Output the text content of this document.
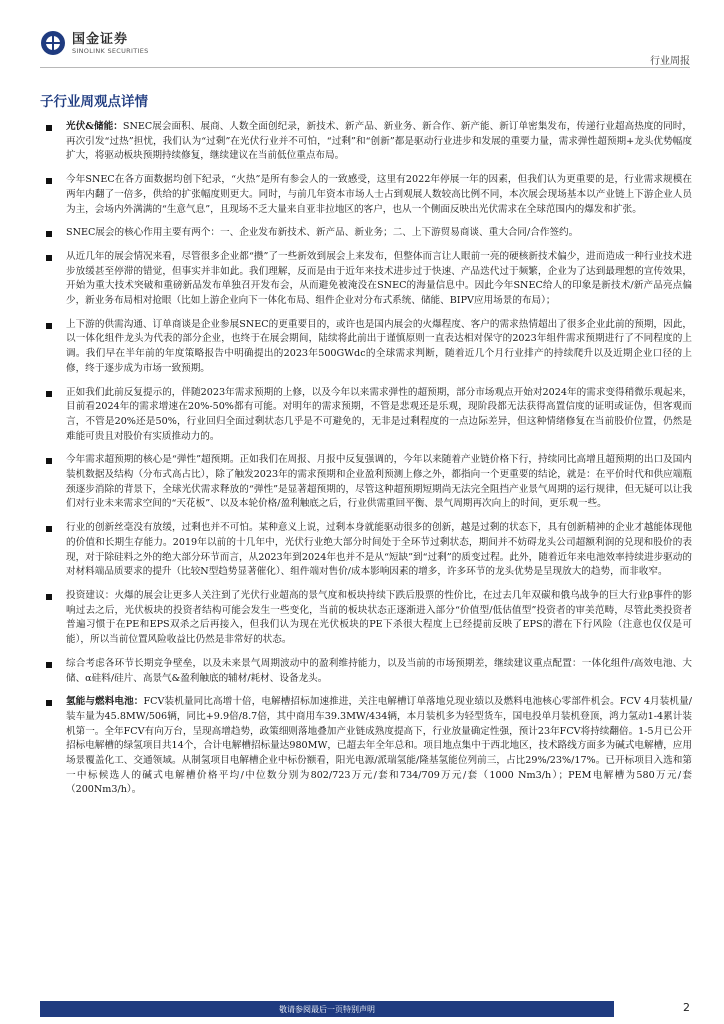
国金证券
SINOLINK SECURITIES
行业周报
子行业周观点详情

光伏&储能：SNEC展会面积、展商、人数全面创纪录，新技术、新产品、新业务、新合作、新产能、新订单密集发布，传递行业超高热度的同时，再次引发“过热”担忧，我们认为“过剩”在光伏行业并不可怕，“过剩”和“创新”都是驱动行业进步和发展的重要力量，需求弹性超预期+龙头优势幅度扩大，将驱动板块预期持续修复，继续建议在当前低位重点布局。

今年SNEC在各方面数据均创下纪录，“火热”是所有参会人的一致感受，这里有2022年停展一年的因素，但我们认为更重要的是，行业需求规模在两年内翻了一倍多，供给的扩张幅度则更大。同时，与前几年资本市场人士占到观展人数较高比例不同，本次展会现场基本以产业链上下游企业人员为主，会场内外满满的“生意气息”，且现场不乏大量来自亚非拉地区的客户，也从一个侧面反映出光伏需求在全球范围内的爆发和扩张。

SNEC展会的核心作用主要有两个：一、企业发布新技术、新产品、新业务；二、上下游贸易商谈、重大合同/合作签约。

从近几年的展会情况来看，尽管很多企业都“攒”了一些新效到展会上来发布，但整体而言让人眼前一亮的硬核新技术偏少，进而造成一种行业技术进步放缓甚至停滞的错觉，但事实并非如此。我们理解，反而是由于近年来技术进步过于快速、产品迭代过于频繁，企业为了达到最理想的宣传效果，开始为重大技术突破和重磅新品发布单独召开发布会，从而避免被淹没在SNEC的海量信息中。因此今年SNEC给人的印象是新技术/新产品亮点偏少，新业务布局相对抢眼（比如上游企业向下一体化布局、组件企业对分布式系统、储能、BIPV应用场景的布局）；

上下游的供需沟通、订单商谈是企业参展SNEC的更重要目的，或许也是国内展会的火爆程度、客户的需求热情超出了很多企业此前的预期，因此，以一体化组件龙头为代表的部分企业，也终于在展会期间，陆续将此前出于谨慎原则一直表达相对保守的2023年组件需求预期进行了不同程度的上调。我们早在半年前的年度策略报告中明确提出的2023年500GWdc的全球需求判断，随着近几个月行业排产的持续爬升以及近期企业口径的上修，终于逐步成为市场一致预期。

正如我们此前反复提示的，伴随2023年需求预期的上修，以及今年以来需求弹性的超预期，部分市场观点开始对2024年的需求变得稍微乐观起来，目前看2024年的需求增速在20%-50%都有可能。对明年的需求预期，不管是悲观还是乐观，现阶段都无法获得高置信度的证明或证伪，但客观而言，不管是20%还是50%，行业回归全面过剩状态几乎是不可避免的，无非是过剩程度的一点边际差异，但这种情绪修复在当前股价位置，仍然是难能可贵且对股价有实质推动力的。

今年需求超预期的核心是“弹性”超预期。正如我们在周报、月报中反复强调的，今年以来随着产业链价格下行，持续同比高增且超预期的出口及国内装机数据及结构（分布式高占比），除了触发2023年的需求预期和企业盈利预测上修之外，都指向一个更重要的结论，就是：在平价时代和供应端瓶颈逐步消除的背景下，全球光伏需求释放的“弹性”是显著超预期的，尽管这种超预期短期尚无法完全阻挡产业景气周期的运行规律，但无疑可以让我们对行业未来需求空间的“天花板”、以及本轮价格/盈利触底之后，行业供需重回平衡、景气周期再次向上的时间，更乐观一些。

行业的创新丝毫没有放缓，过剩也并不可怕。某种意义上说，过剩本身就能驱动很多的创新，越是过剩的状态下，具有创新精神的企业才越能体现他的价值和长期生存能力。2019年以前的十几年中，光伏行业绝大部分时间处于全环节过剩状态，期间并不妨碍龙头公司超额利润的兑现和股价的表现，对于除硅料之外的绝大部分环节而言，从2023年到2024年也并不是从“短缺”到“过剩”的质变过程。此外，随着近年来电池效率持续进步驱动的对材料端品质要求的提升（比较N型趋势显著催化）、组件端对售价/成本影响因素的增多，许多环节的龙头优势是呈现放大的趋势，而非收窄。

投资建议：火爆的展会让更多人关注到了光伏行业超高的景气度和板块持续下跌后股票的性价比，在过去几年双碳和俄乌战争的巨大行业β事件的影响过去之后，光伏板块的投资者结构可能会发生一些变化，当前的板块状态正逐渐进入部分“价值型/低估值型”投资者的审美范畴，尽管此类投资者普遍习惯于在PE和EPS双杀之后再接入，但我们认为现在光伏板块的PE下杀很大程度上已经提前反映了EPS的潜在下行风险（注意也仅仅是可能），所以当前位置风险收益比仍然是非常好的状态。

综合考虑各环节长期竞争壁垒，以及未来景气周期波动中的盈利维持能力，以及当前的市场预期差，继续建议重点配置：一体化组件/高效电池、大储、α硅料/硅片、高景气&盈利触底的辅材/耗材、设备龙头。

氢能与燃料电池：FCV装机量同比高增十倍，电解槽招标加速推进，关注电解槽订单落地兑现业绩以及燃料电池核心零部件机会。FCV 4月装机量/装车量为45.8MW/506辆，同比+9.9倍/8.7倍，其中商用车39.3MW/434辆，本月装机多为轻型货车，国电投单月装机登顶，鸿力氢动1-4累计装机第一。全年FCV有向万台，呈现高增趋势，政策细则落地叠加产业链成熟度提高下，行业放量确定性强，预计23年FCV将持续翻倍。1-5月已公开招标电解槽的绿氢项目共14个，合计电解槽招标量达980MW，已超去年全年总和。项目地点集中于西北地区，技术路线方面多为碱式电解槽，应用场景覆盖化工、交通领域。从制氢项目电解槽企业中标份额看，阳光电源/派瑞氢能/隆基氢能位列前三，占比29%/23%/17%。已开标项目入选和第一中标候选人的碱式电解槽价格平均/中位数分别为802/723万元/套和734/709万元/套（1000 Nm3/h）；PEM电解槽为580万元/套（200Nm3/h）。

敬请参阅最后一页特别声明	2
